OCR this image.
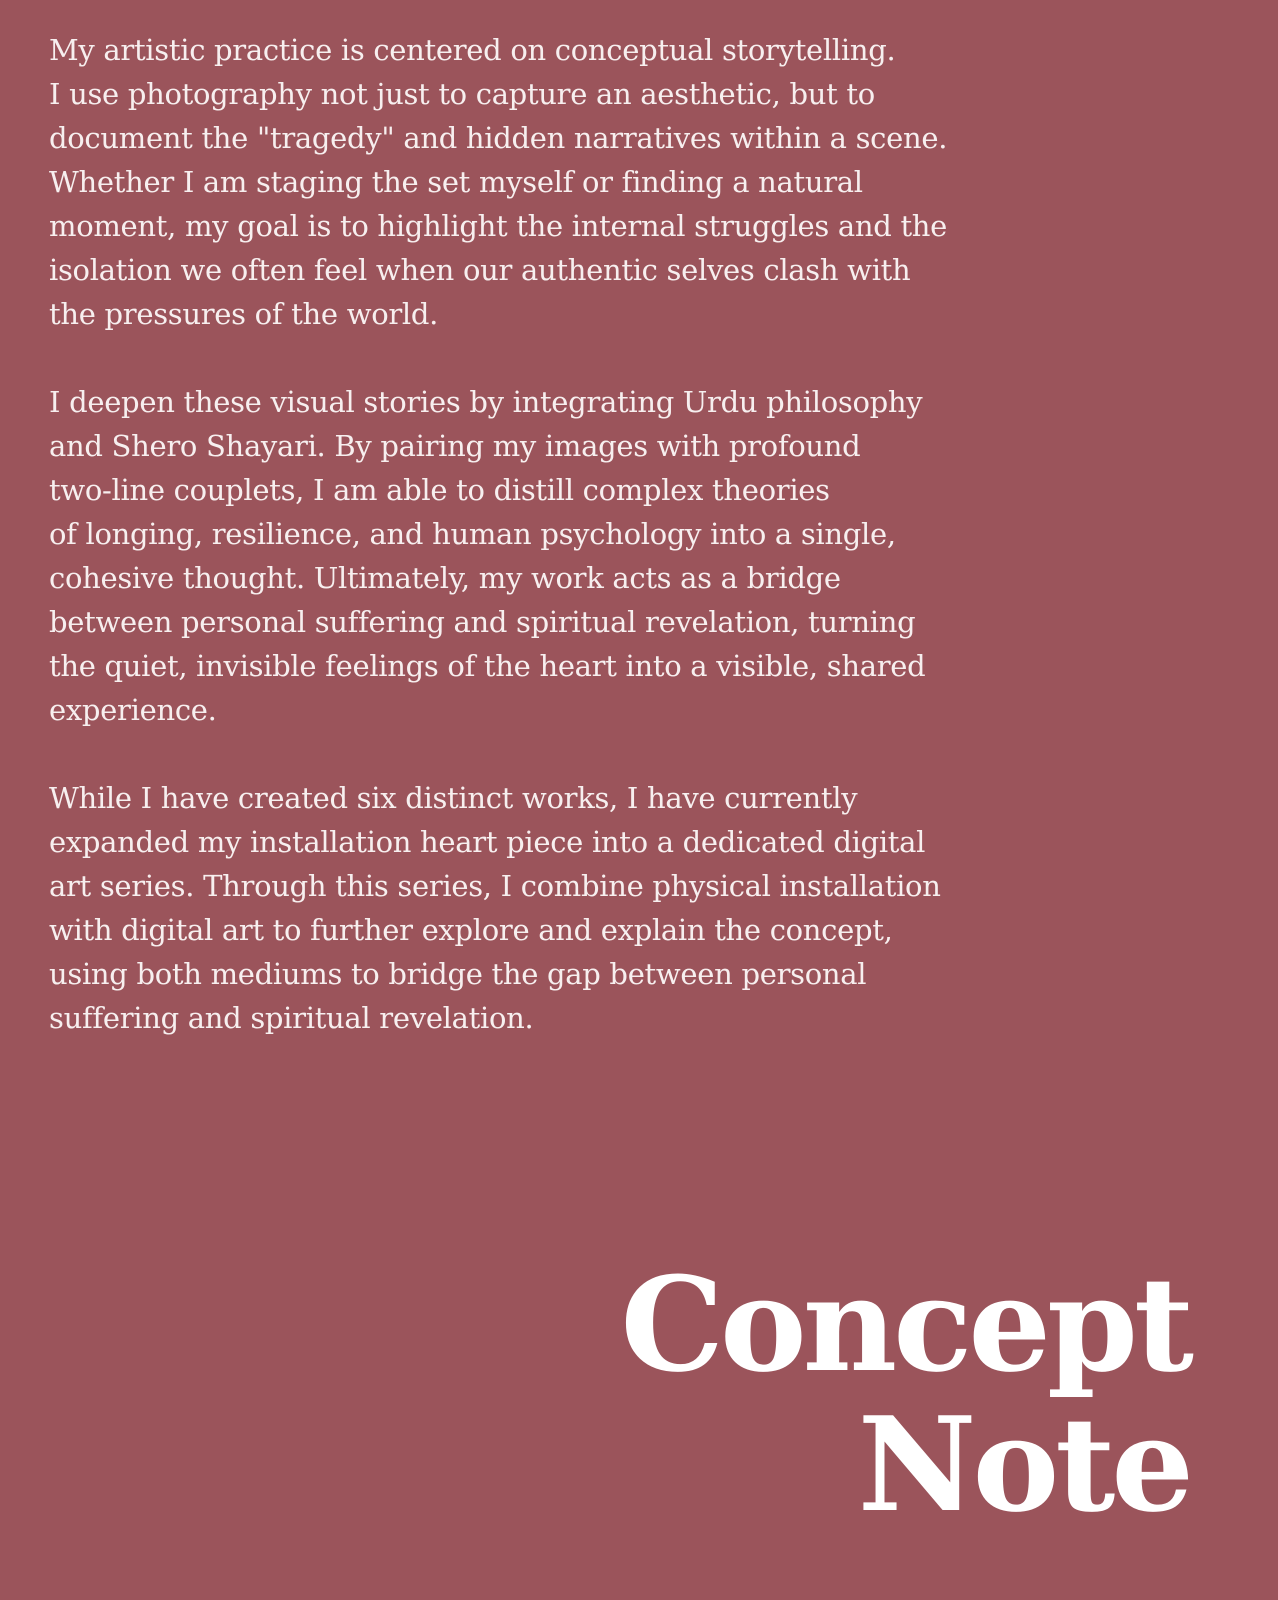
My artistic practice is centered on conceptual storytelling.
I use photography not just to capture an aesthetic, but to
document the "tragedy" and hidden narratives within a scene.
Whether I am staging the set myself or finding a natural
moment, my goal is to highlight the internal struggles and the
isolation we often feel when our authentic selves clash with
the pressures of the world.

I deepen these visual stories by integrating Urdu philosophy
and Shero Shayari. By pairing my images with profound
two-line couplets, I am able to distill complex theories
of longing, resilience, and human psychology into a single,
cohesive thought. Ultimately, my work acts as a bridge
between personal suffering and spiritual revelation, turning
the quiet, invisible feelings of the heart into a visible, shared
experience.

While I have created six distinct works, I have currently
expanded my installation heart piece into a dedicated digital
art series. Through this series, I combine physical installation
with digital art to further explore and explain the concept,
using both mediums to bridge the gap between personal
suffering and spiritual revelation.

Concept
Note
